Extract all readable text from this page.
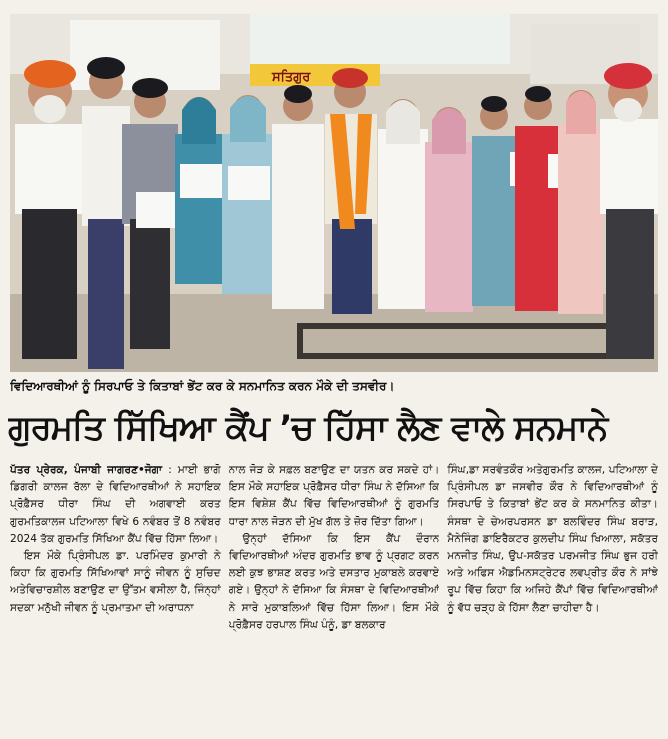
ਸਤਿਗੁਰ
ਵਿਦਿਆਰਥੀਆਂ ਨੂੰ ਸਿਰਪਾਓ ਤੇ ਕਿਤਾਬਾਂ ਭੇਂਟ ਕਰ ਕੇ ਸਨਮਾਨਿਤ ਕਰਨ ਮੌਕੇ ਦੀ ਤਸਵੀਰ।
ਗੁਰਮਤਿ ਸਿੱਖਿਆ ਕੈਂਪ ’ਚ ਹਿੱਸਾ ਲੈਣ ਵਾਲੇ ਸਨਮਾਨੇ

ਪੱਤਰ ਪ੍ਰੇਰਕ, ਪੰਜਾਬੀ ਜਾਗਰਣ•ਜੋਗਾ : ਮਾਈ ਭਾਗੋ ਡਿਗਰੀ ਕਾਲਜ ਰੱਲਾ ਦੇ ਵਿਦਿਆਰਥੀਆਂ ਨੇ ਸਹਾਇਕ ਪ੍ਰੋਫ਼ੈਸਰ ਧੀਰਾ ਸਿੰਘ ਦੀ ਅਗਵਾਈ ਕਰਤ ਗੁਰਮਤਿਕਾਲਜ ਪਟਿਆਲਾ ਵਿਖੇ 6 ਨਵੰਬਰ ਤੋਂ 8 ਨਵੰਬਰ 2024 ਤੱਕ ਗੁਰਮਤਿ ਸਿੱਖਿਆ ਕੈਂਪ ਵਿੱਚ ਹਿੱਸਾ ਲਿਆ।

ਇਸ ਮੌਕੇ ਪ੍ਰਿੰਸੀਪਲ ਡਾ. ਪਰਮਿੰਦਰ ਕੁਮਾਰੀ ਨੇ ਕਿਹਾ ਕਿ ਗੁਰਮਤਿ ਸਿੱਖਿਆਵਾਂ ਸਾਨੂੰ ਜੀਵਨ ਨੂੰ ਸੁਚਿਦ ਅਤੇਵਿਚਾਰਸ਼ੀਲ ਬਣਾਉਣ ਦਾ ਉੱਤਮ ਵਸੀਲਾ ਹੈ, ਜਿੰਨ੍ਹਾਂ ਸਦਕਾ ਮਨੁੱਖੀ ਜੀਵਨ ਨੂੰ ਪ੍ਰਮਾਤਮਾ ਦੀ ਅਰਾਧਨਾ

ਨਾਲ ਜੋੜ ਕੇ ਸਫ਼ਲ ਬਣਾਉਣ ਦਾ ਯਤਨ ਕਰ ਸਕਦੇ ਹਾਂ। ਇਸ ਮੌਕੇ ਸਹਾਇਕ ਪ੍ਰੋਫ਼ੈਸਰ ਧੀਰਾ ਸਿੰਘ ਨੇ ਦੱਸਿਆ ਕਿ ਇਸ ਵਿਸ਼ੇਸ਼ ਕੈਂਪ ਵਿੱਚ ਵਿਦਿਆਰਥੀਆਂ ਨੂੰ ਗੁਰਮਤਿ ਧਾਰਾ ਨਾਲ ਜੋੜਨ ਦੀ ਮੁੱਖ ਗੱਲ ਤੇ ਜ਼ੋਰ ਦਿੱਤਾ ਗਿਆ।

ਉਨ੍ਹਾਂ ਦੱਸਿਆ ਕਿ ਇਸ ਕੈਂਪ ਦੌਰਾਨ ਵਿਦਿਆਰਥੀਆਂ ਅੰਦਰ ਗੁਰਮਤਿ ਭਾਵ ਨੂੰ ਪ੍ਰਗਟ ਕਰਨ ਲਈ ਕੁਝ ਭਾਸ਼ਣ ਕਰਤ ਅਤੇ ਦਸਤਾਰ ਮੁਕਾਬਲੇ ਕਰਵਾਏ ਗਏ। ਉਨ੍ਹਾਂ ਨੇ ਦੱਸਿਆ ਕਿ ਸੰਸਥਾ ਦੇ ਵਿਦਿਆਰਥੀਆਂ ਨੇ ਸਾਰੇ ਮੁਕਾਬਲਿਆਂ ਵਿੱਚ ਹਿੱਸਾ ਲਿਆ। ਇਸ ਮੌਕੇ ਪ੍ਰੋਫ਼ੈਸਰ ਹਰਪਾਲ ਸਿੰਘ ਪੰਨੂੰ, ਡਾ ਬਲਕਾਰ

ਸਿੰਘ,ਡਾ ਸਰਵੰਤਕੌਰ ਅਤੇਗੁਰਮਤਿ ਕਾਲਜ, ਪਟਿਆਲਾ ਦੇ ਪ੍ਰਿੰਸੀਪਲ ਡਾ ਜਸਵੀਰ ਕੌਰ ਨੇ ਵਿਦਿਆਰਥੀਆਂ ਨੂੰ ਸਿਰਪਾਓ ਤੇ ਕਿਤਾਬਾਂ ਭੇਂਟ ਕਰ ਕੇ ਸਨਮਾਨਿਤ ਕੀਤਾ। ਸੰਸਥਾ ਦੇ ਚੇਅਰਪਰਸਨ ਡਾ ਬਲਵਿੰਦਰ ਸਿੰਘ ਬਰਾੜ, ਮੈਨੇਜਿੰਗ ਡਾਇਰੈਕਟਰ ਕੁਲਦੀਪ ਸਿੰਘ ਖਿਆਲਾ, ਸਕੱਤਰ ਮਨਜੀਤ ਸਿੰਘ, ਉਪ-ਸਕੱਤਰ ਪਰਮਜੀਤ ਸਿੰਘ ਭੁਜ ਹਰੀ ਅਤੇ ਅਫਿਸ ਐਡਮਿਨਸਟ੍ਰੇਟਰ ਲਵਪ੍ਰੀਤ ਕੌਰ ਨੇ ਸਾਂਝੇ ਰੂਪ ਵਿੱਚ ਕਿਹਾ ਕਿ ਅਜਿਹੇ ਕੈਂਪਾਂ ਵਿੱਚ ਵਿਦਿਆਰਥੀਆਂ ਨੂੰ ਵੱਧ ਚੜ੍ਹ ਕੇ ਹਿੱਸਾ ਲੈਣਾ ਚਾਹੀਦਾ ਹੈ।
